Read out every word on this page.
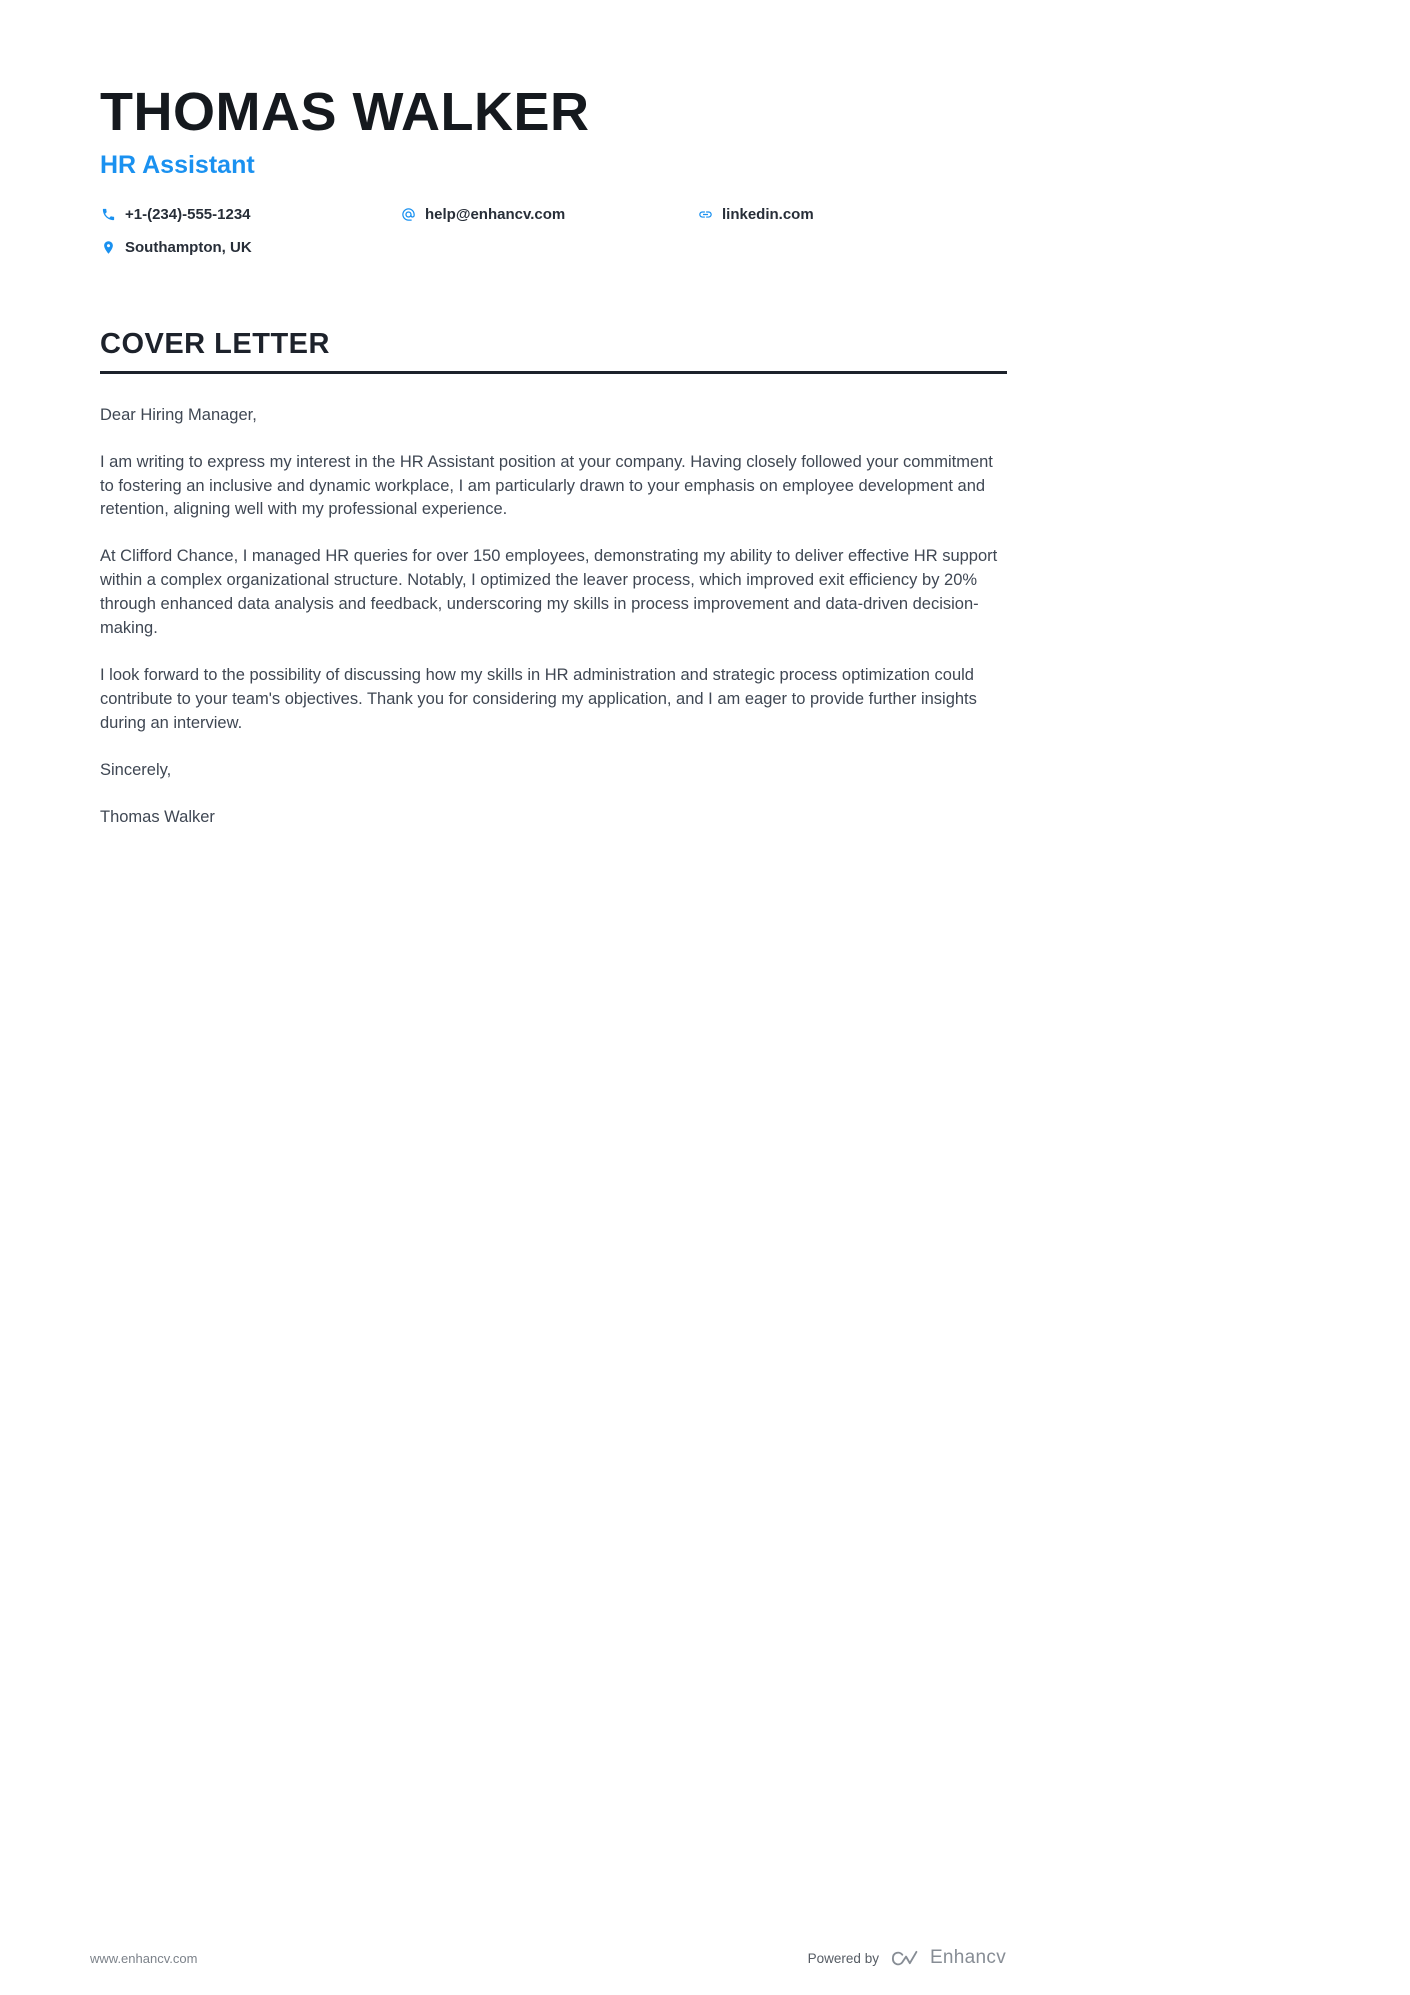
THOMAS WALKER
HR Assistant
+1-(234)-555-1234	help@enhancv.com	linkedin.com
Southampton, UK
COVER LETTER

Dear Hiring Manager,

I am writing to express my interest in the HR Assistant position at your company. Having closely followed your commitment to fostering an inclusive and dynamic workplace, I am particularly drawn to your emphasis on employee development and retention, aligning well with my professional experience.

At Clifford Chance, I managed HR queries for over 150 employees, demonstrating my ability to deliver effective HR support within a complex organizational structure. Notably, I optimized the leaver process, which improved exit efficiency by 20% through enhanced data analysis and feedback, underscoring my skills in process improvement and data-driven decision-making.

I look forward to the possibility of discussing how my skills in HR administration and strategic process optimization could contribute to your team's objectives. Thank you for considering my application, and I am eager to provide further insights during an interview.

Sincerely,

Thomas Walker

www.enhancv.com	Powered by	Enhancv
